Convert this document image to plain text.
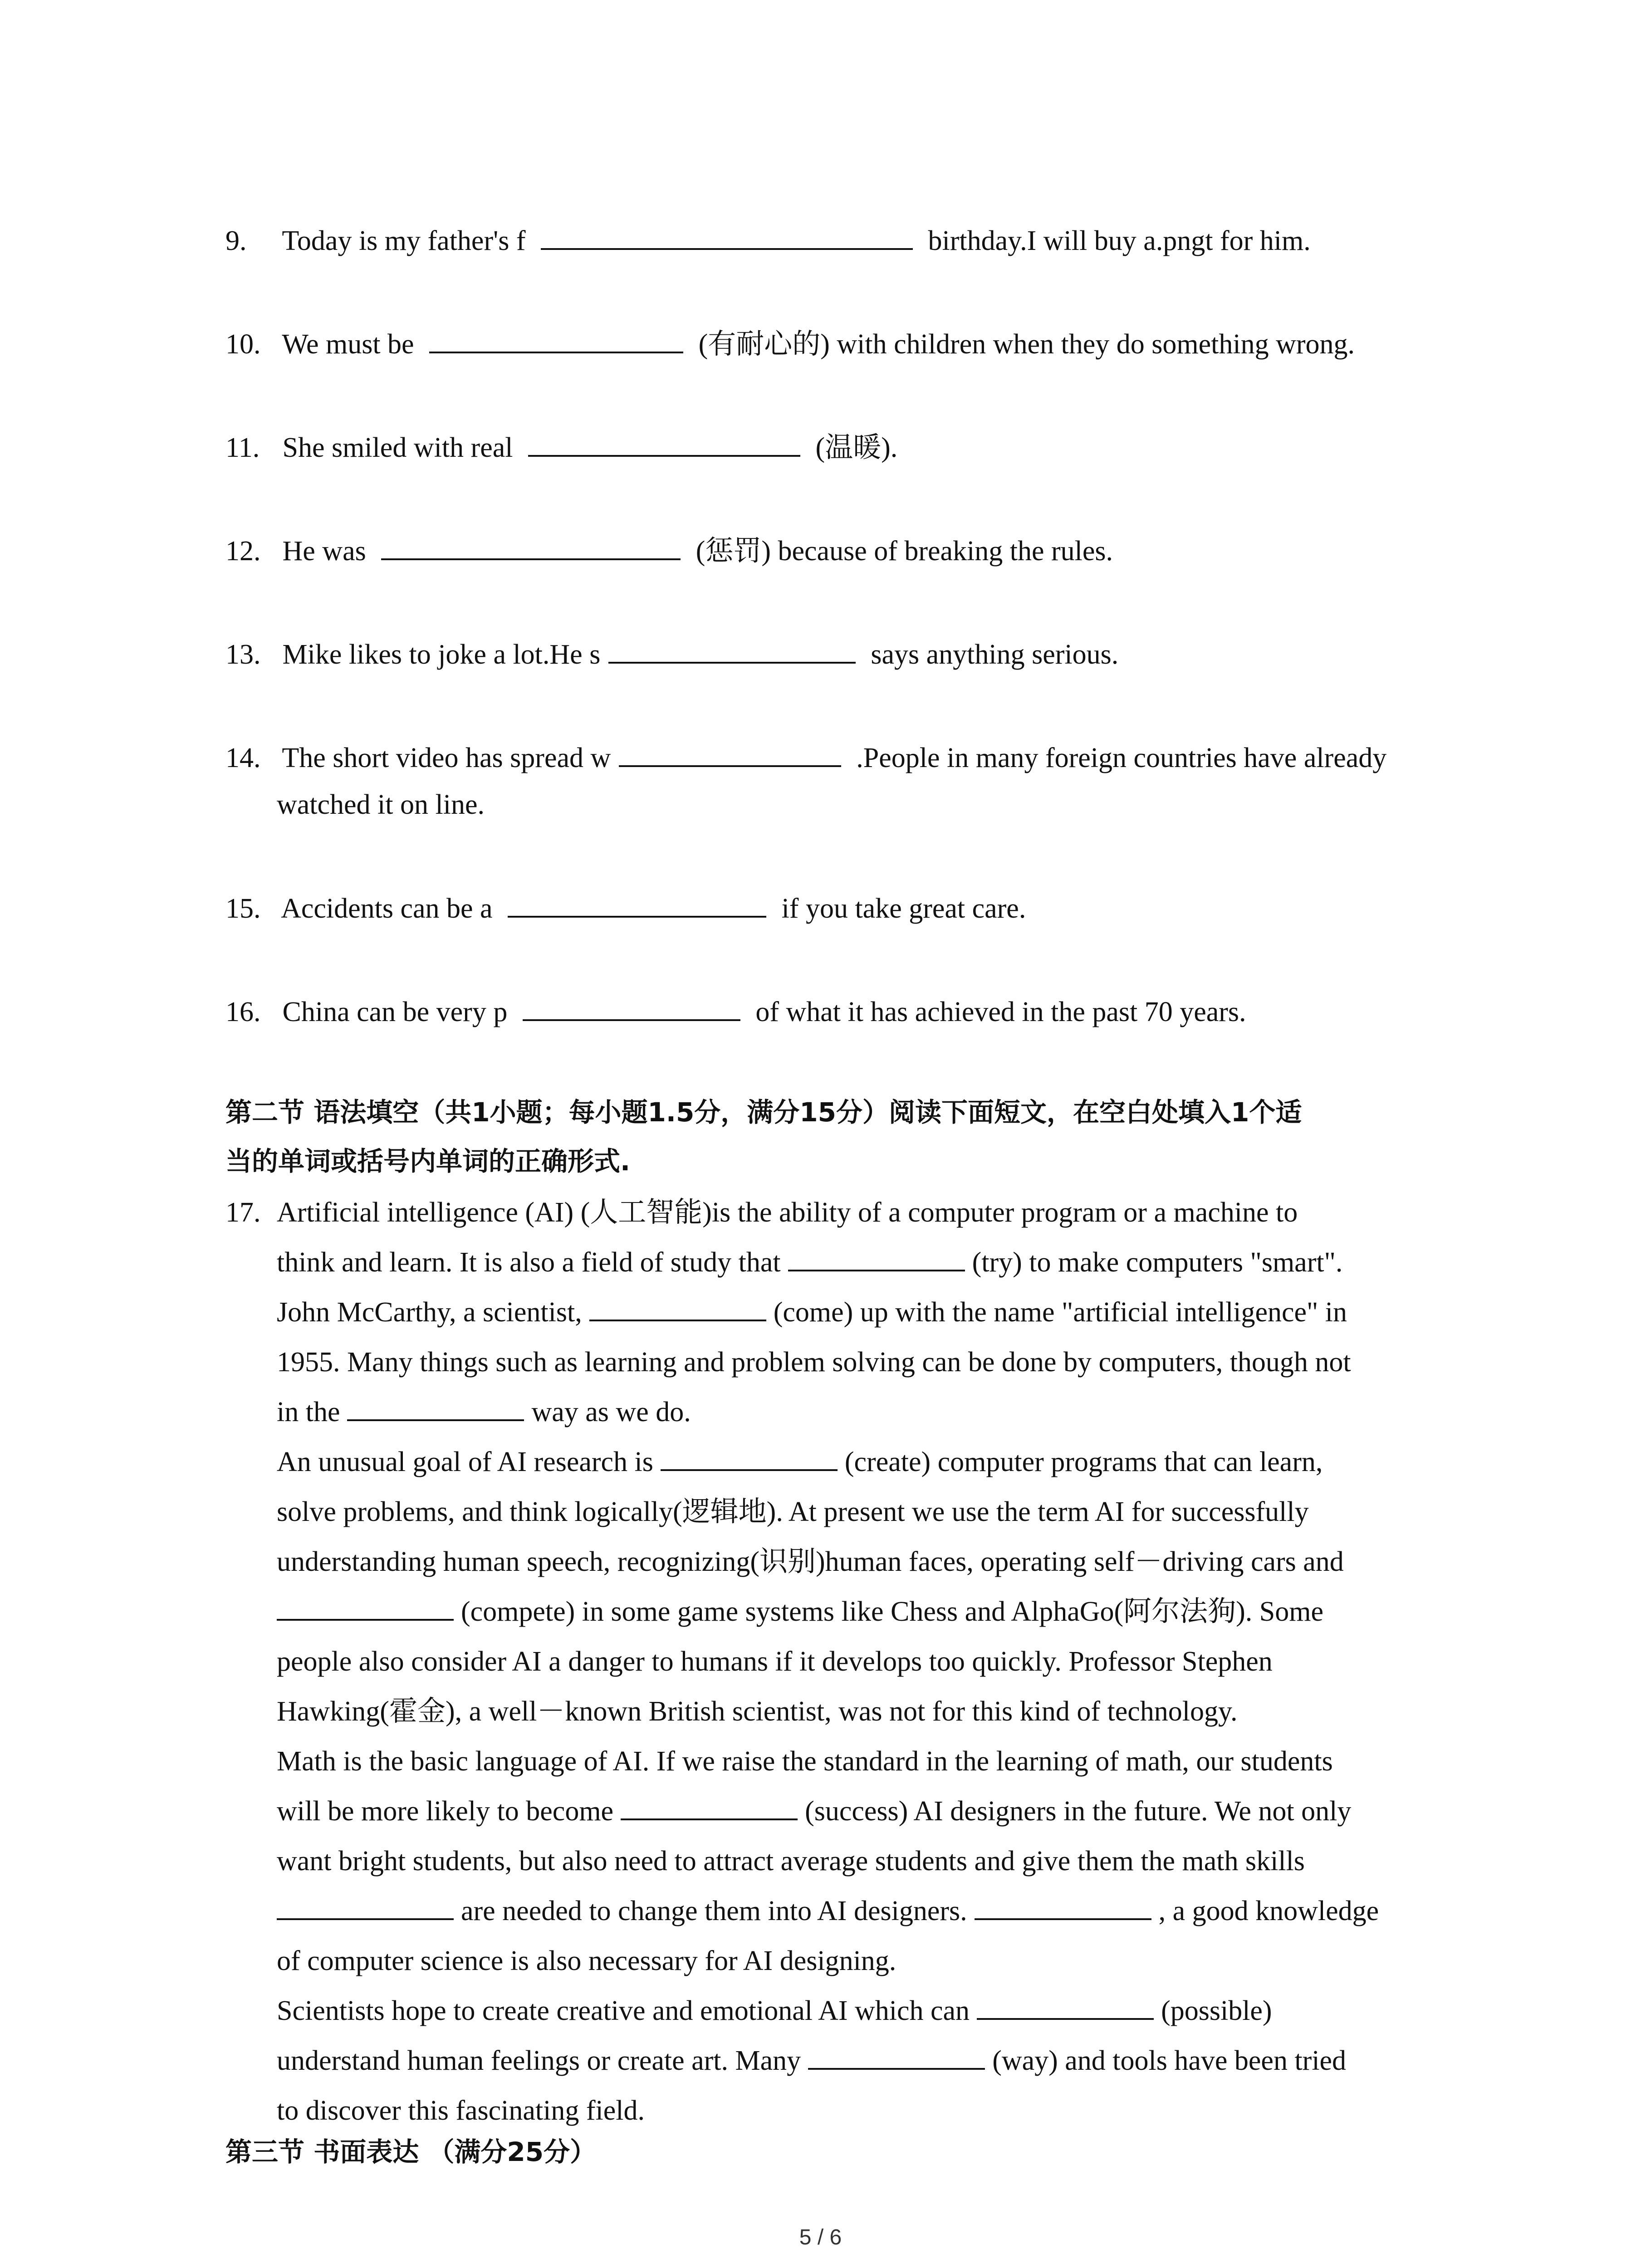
9. Today is my father's f	birthday.I will buy a.pngt for him.
10. We must be	(有耐心的) with children when they do something wrong.
11. She smiled with real	(温暖).
12. He was	(惩罚) because of breaking the rules.
13. Mike likes to joke a lot.He s	says anything serious.
14. The short video has spread w	.People in many foreign countries have already
watched it on line.
15. Accidents can be a	if you take great care.
16. China can be very p	of what it has achieved in the past 70 years.
第二节 语法填空（共1小题；每小题1.5分，满分15分）阅读下面短文，在空白处填入1个适
当的单词或括号内单词的正确形式.
17. Artificial intelligence (AI) (人工智能)is the ability of a computer program or a machine to
think and learn. It is also a field of study that	(try) to make computers "smart".
John McCarthy, a scientist,	(come) up with the name "artificial intelligence" in
1955. Many things such as learning and problem solving can be done by computers, though not
in the	way as we do.
An unusual goal of AI research is	(create) computer programs that can learn,
solve problems, and think logically(逻辑地). At present we use the term AI for successfully
understanding human speech, recognizing(识别)human faces, operating self－driving cars and
(compete) in some game systems like Chess and AlphaGo(阿尔法狗). Some
people also consider AI a danger to humans if it develops too quickly. Professor Stephen
Hawking(霍金), a well－known British scientist, was not for this kind of technology.
Math is the basic language of AI. If we raise the standard in the learning of math, our students
will be more likely to become	(success) AI designers in the future. We not only
want bright students, but also need to attract average students and give them the math skills
are needed to change them into AI designers.	, a good knowledge
of computer science is also necessary for AI designing.
Scientists hope to create creative and emotional AI which can	(possible)
understand human feelings or create art. Many	(way) and tools have been tried
to discover this fascinating field.
第三节 书面表达 （满分25分）
5 / 6
